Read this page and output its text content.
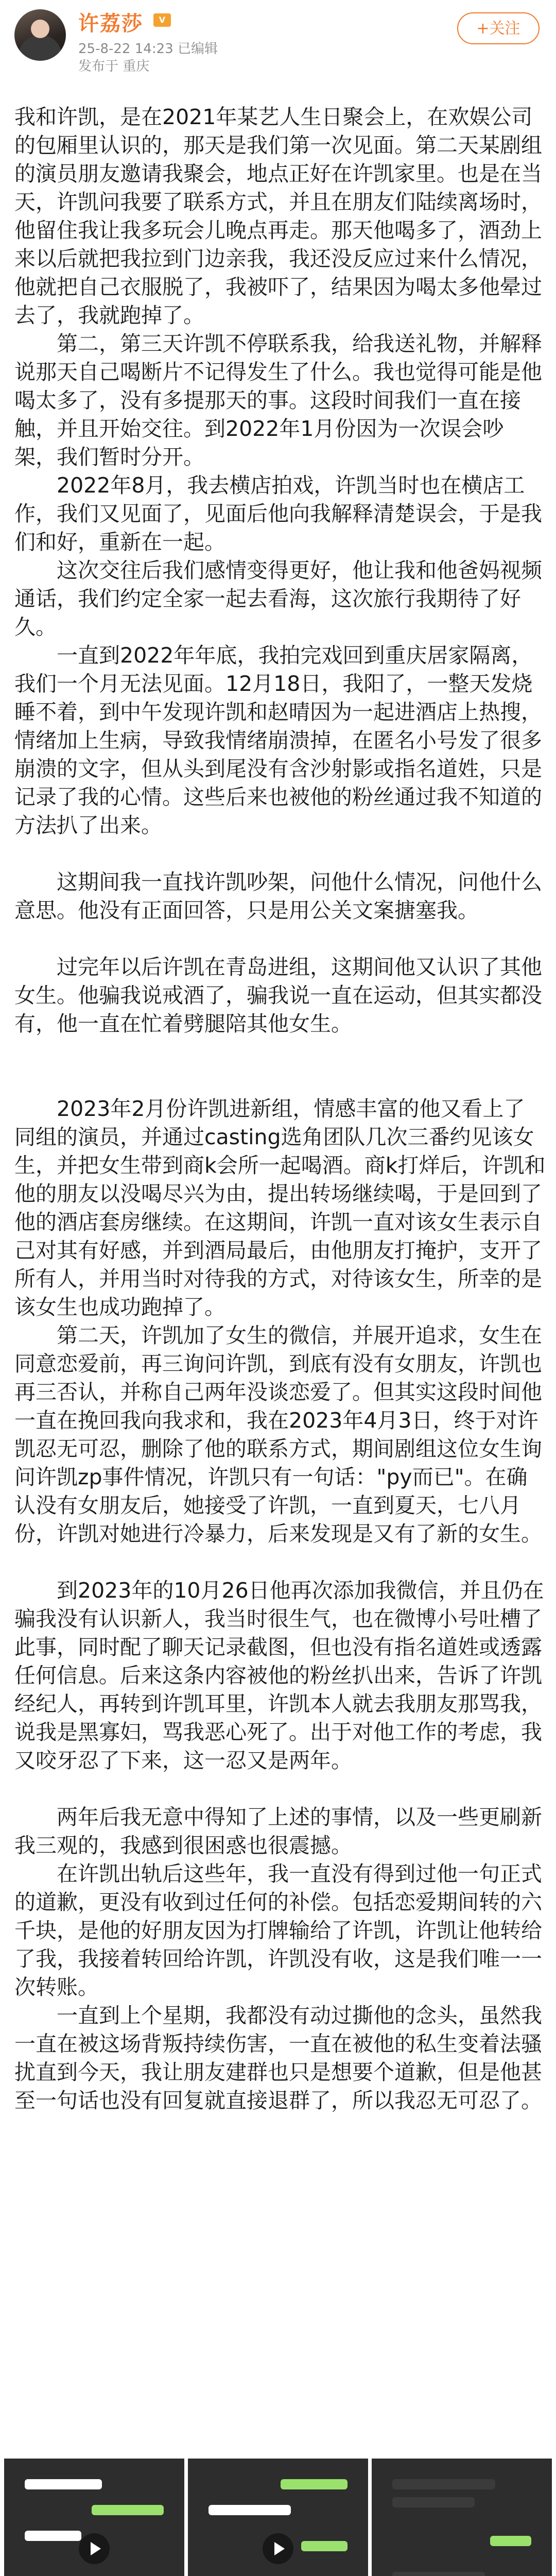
许荔莎	V
25-8-22 14:23 已编辑
发布于 重庆
+关注

我和许凯，是在2021年某艺人生日聚会上，在欢娱公司的包厢里认识的，那天是我们第一次见面。第二天某剧组的演员朋友邀请我聚会，地点正好在许凯家里。也是在当天，许凯问我要了联系方式，并且在朋友们陆续离场时，他留住我让我多玩会儿晚点再走。那天他喝多了，酒劲上来以后就把我拉到门边亲我，我还没反应过来什么情况，他就把自己衣服脱了，我被吓了，结果因为喝太多他晕过去了，我就跑掉了。

第二，第三天许凯不停联系我，给我送礼物，并解释说那天自己喝断片不记得发生了什么。我也觉得可能是他喝太多了，没有多提那天的事。这段时间我们一直在接触，并且开始交往。到2022年1月份因为一次误会吵架，我们暂时分开。

2022年8月，我去横店拍戏，许凯当时也在横店工作，我们又见面了，见面后他向我解释清楚误会，于是我们和好，重新在一起。

这次交往后我们感情变得更好，他让我和他爸妈视频通话，我们约定全家一起去看海，这次旅行我期待了好久。

一直到2022年年底，我拍完戏回到重庆居家隔离，我们一个月无法见面。12月18日，我阳了，一整天发烧睡不着，到中午发现许凯和赵晴因为一起进酒店上热搜，情绪加上生病，导致我情绪崩溃掉，在匿名小号发了很多崩溃的文字，但从头到尾没有含沙射影或指名道姓，只是记录了我的心情。这些后来也被他的粉丝通过我不知道的方法扒了出来。

这期间我一直找许凯吵架，问他什么情况，问他什么意思。他没有正面回答，只是用公关文案搪塞我。

过完年以后许凯在青岛进组，这期间他又认识了其他女生。他骗我说戒酒了，骗我说一直在运动，但其实都没有，他一直在忙着劈腿陪其他女生。

2023年2月份许凯进新组，情感丰富的他又看上了同组的演员，并通过casting选角团队几次三番约见该女生，并把女生带到商k会所一起喝酒。商k打烊后，许凯和他的朋友以没喝尽兴为由，提出转场继续喝，于是回到了他的酒店套房继续。在这期间，许凯一直对该女生表示自己对其有好感，并到酒局最后，由他朋友打掩护，支开了所有人，并用当时对待我的方式，对待该女生，所幸的是该女生也成功跑掉了。

第二天，许凯加了女生的微信，并展开追求，女生在同意恋爱前，再三询问许凯，到底有没有女朋友，许凯也再三否认，并称自己两年没谈恋爱了。但其实这段时间他一直在挽回我向我求和，我在2023年4月3日，终于对许凯忍无可忍，删除了他的联系方式，期间剧组这位女生询问许凯zp事件情况，许凯只有一句话："py而已"。在确认没有女朋友后，她接受了许凯，一直到夏天，七八月份，许凯对她进行冷暴力，后来发现是又有了新的女生。

到2023年的10月26日他再次添加我微信，并且仍在骗我没有认识新人，我当时很生气，也在微博小号吐槽了此事，同时配了聊天记录截图，但也没有指名道姓或透露任何信息。后来这条内容被他的粉丝扒出来，告诉了许凯经纪人，再转到许凯耳里，许凯本人就去我朋友那骂我，说我是黑寡妇，骂我恶心死了。出于对他工作的考虑，我又咬牙忍了下来，这一忍又是两年。

两年后我无意中得知了上述的事情，以及一些更刷新我三观的，我感到很困惑也很震撼。

在许凯出轨后这些年，我一直没有得到过他一句正式的道歉，更没有收到过任何的补偿。包括恋爱期间转的六千块，是他的好朋友因为打牌输给了许凯，许凯让他转给了我，我接着转回给许凯，许凯没有收，这是我们唯一一次转账。

一直到上个星期，我都没有动过撕他的念头，虽然我一直在被这场背叛持续伤害，一直在被他的私生变着法骚扰直到今天，我让朋友建群也只是想要个道歉，但是他甚至一句话也没有回复就直接退群了，所以我忍无可忍了。
